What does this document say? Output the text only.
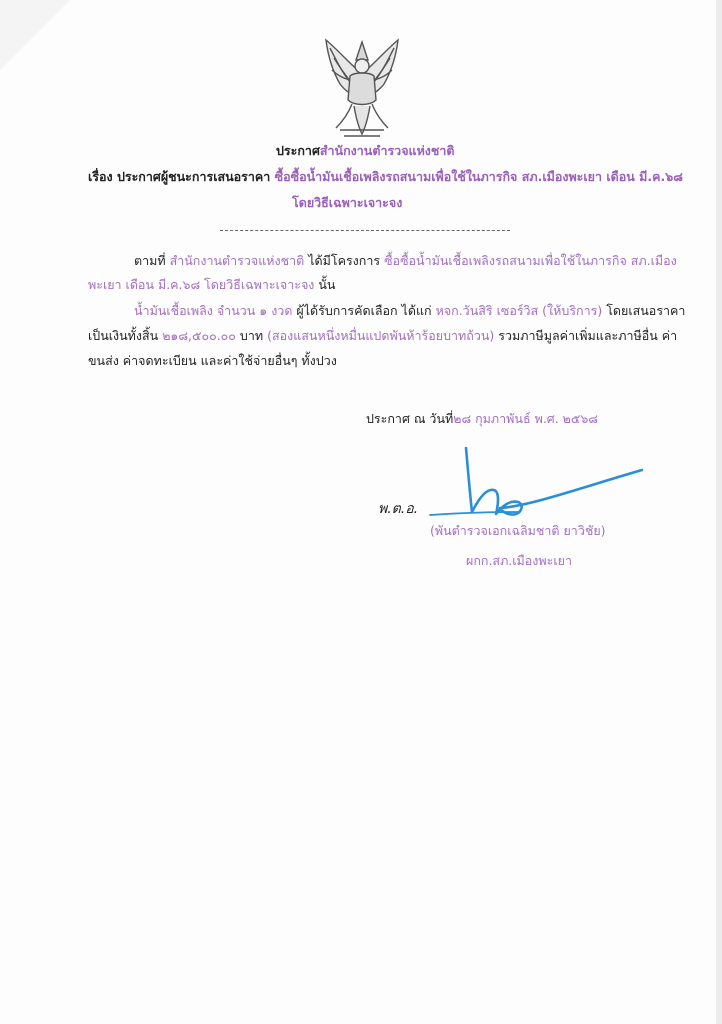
ประกาศสำนักงานตำรวจแห่งชาติ
เรื่อง ประกาศผู้ชนะการเสนอราคา ซื้อซื้อน้ำมันเชื้อเพลิงรถสนามเพื่อใช้ในภารกิจ สภ.เมืองพะเยา เดือน มี.ค.๖๘
โดยวิธีเฉพาะเจาะจง
ตามที่ สำนักงานตำรวจแห่งชาติ ได้มีโครงการ ซื้อซื้อน้ำมันเชื้อเพลิงรถสนามเพื่อใช้ในภารกิจ สภ.เมือง
พะเยา เดือน มี.ค.๖๘ โดยวิธีเฉพาะเจาะจง นั้น
น้ำมันเชื้อเพลิง จำนวน ๑ งวด ผู้ได้รับการคัดเลือก ได้แก่ หจก.วันสิริ เซอร์วิส (ให้บริการ) โดยเสนอราคา
เป็นเงินทั้งสิ้น ๒๑๘,๕๐๐.๐๐ บาท (สองแสนหนึ่งหมื่นแปดพันห้าร้อยบาทถ้วน) รวมภาษีมูลค่าเพิ่มและภาษีอื่น ค่า
ขนส่ง ค่าจดทะเบียน และค่าใช้จ่ายอื่นๆ ทั้งปวง
ประกาศ ณ วันที่๒๘ กุมภาพันธ์ พ.ศ. ๒๕๖๘
พ.ต.อ.
(พันตำรวจเอกเฉลิมชาติ ยาวิชัย)
ผกก.สภ.เมืองพะเยา
